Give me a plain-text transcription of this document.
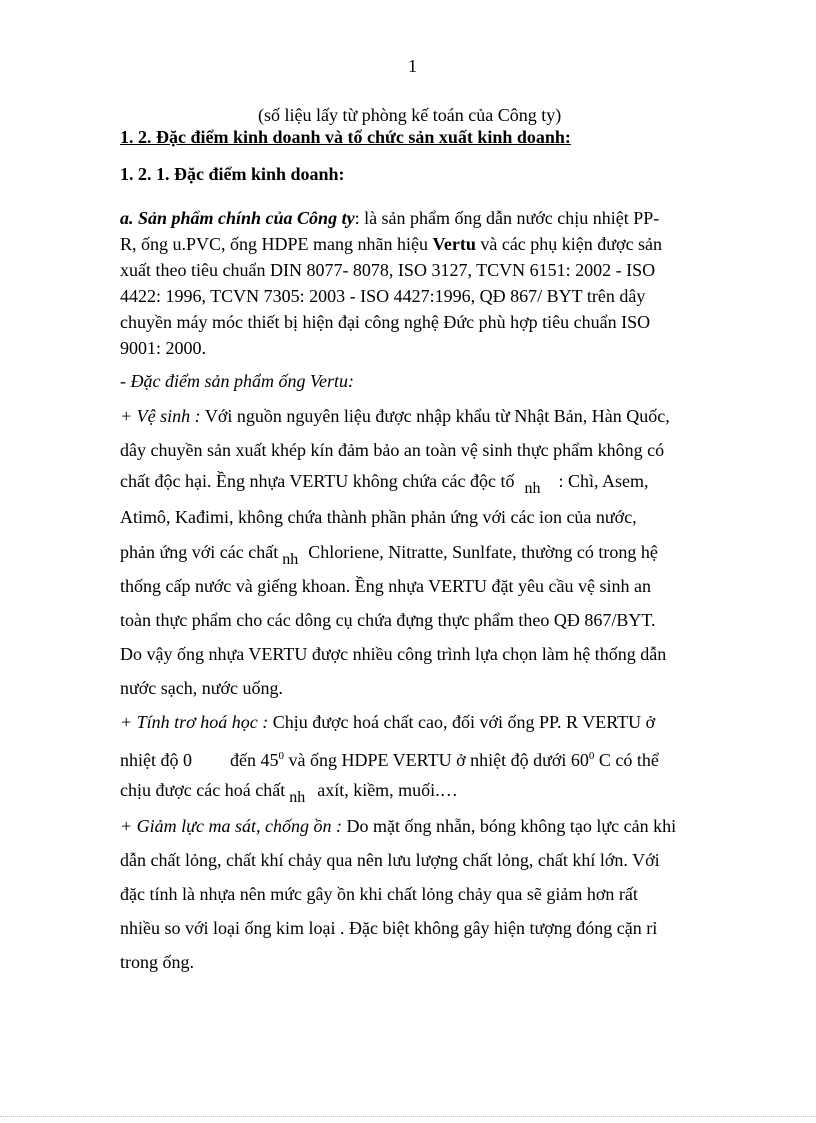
1
(số liệu lấy từ phòng kế toán của Công ty)
1. 2. Đặc điểm kinh doanh và tổ chức sản xuất kinh doanh:
1. 2. 1. Đặc điểm kinh doanh:
a. Sản phẩm chính của Công ty: là sản phẩm ống dẫn nước chịu nhiệt PP-
R, ống u.PVC, ống HDPE mang nhãn hiệu Vertu và các phụ kiện được sản
xuất theo tiêu chuẩn DIN 8077- 8078, ISO 3127, TCVN 6151: 2002 - ISO
4422: 1996, TCVN 7305: 2003 - ISO 4427:1996, QĐ 867/ BYT trên dây
chuyền máy móc thiết bị hiện đại công nghệ Đức phù hợp tiêu chuẩn ISO
9001: 2000.
- Đặc điểm sản phẩm ống Vertu:
+ Vệ sinh : Với nguồn nguyên liệu được nhập khẩu từ Nhật Bản, Hàn Quốc,
dây chuyền sản xuất khép kín đảm bảo an toàn vệ sinh thực phẩm không có
chất độc hại. Ềng nhựa VERTU không chứa các độc tố nh : Chì, Asem,
Atimô, Kađimi, không chứa thành phần phản ứng với các ion của nước,
phản ứng với các chất nh Chloriene, Nitratte, Sunlfate, thường có trong hệ
thống cấp nước và giếng khoan. Ềng nhựa VERTU đặt yêu cầu vệ sinh an
toàn thực phẩm cho các dông cụ chứa đựng thực phẩm theo QĐ 867/BYT.
Do vậy ống nhựa VERTU được nhiều công trình lựa chọn làm hệ thống dẫn
nước sạch, nước uống.
+ Tính trơ hoá học : Chịu được hoá chất cao, đối với ống PP. R VERTU ở
nhiệt độ 0 đến $45^0$ và ống HDPE VERTU ở nhiệt độ dưới $60^0$ C có thể
chịu được các hoá chất nh axít, kiềm, muối.…
+ Giảm lực ma sát, chống ồn : Do mặt ống nhẵn, bóng không tạo lực cản khi
dẫn chất lỏng, chất khí chảy qua nên lưu lượng chất lỏng, chất khí lớn. Với
đặc tính là nhựa nên mức gây ồn khi chất lỏng chảy qua sẽ giảm hơn rất
nhiều so với loại ống kim loại . Đặc biệt không gây hiện tượng đóng cặn rỉ
trong ống.
